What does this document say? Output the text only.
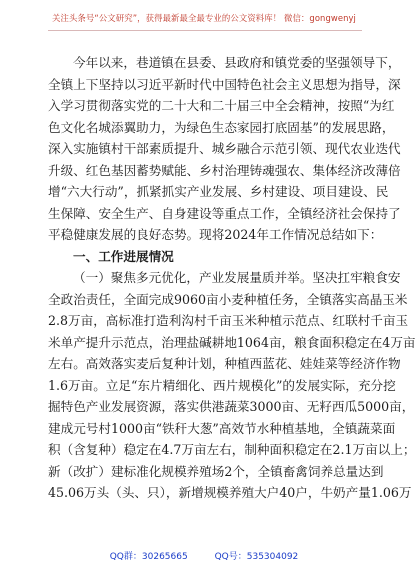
关注头条号“公文研究”，获得最新最全最专业的公文资料库！ 微信：gongwenyj
今年以来，巷道镇在县委、县政府和镇党委的坚强领导下，
全镇上下坚持以习近平新时代中国特色社会主义思想为指导，深
入学习贯彻落实党的二十大和二十届三中全会精神，按照“为红
色文化名城添翼助力，为绿色生态家园打底固基”的发展思路，
深入实施镇村干部素质提升、城乡融合示范引领、现代农业迭代
升级、红色基因蓄势赋能、乡村治理铸魂强农、集体经济改薄倍
增“六大行动”，抓紧抓实产业发展、乡村建设、项目建设、民
生保障、安全生产、自身建设等重点工作，全镇经济社会保持了
平稳健康发展的良好态势。现将2024年工作情况总结如下：
一、工作进展情况
（一）聚焦多元优化，产业发展量质并举。坚决扛牢粮食安
全政治责任，全面完成9060亩小麦种植任务，全镇落实高晶玉米
2.8万亩，高标准打造利沟村千亩玉米种植示范点、红联村千亩玉
米单产提升示范点，治理盐碱耕地1064亩，粮食面积稳定在4万亩
左右。高效落实麦后复种计划，种植西蓝花、娃娃菜等经济作物
1.6万亩。立足“东片精细化、西片规模化”的发展实际，充分挖
掘特色产业发展资源，落实供港蔬菜3000亩、无籽西瓜5000亩，
建成元号村1000亩“铁秆大葱”高效节水种植基地，全镇蔬菜面
积（含复种）稳定在4.7万亩左右，制种面积稳定在2.1万亩以上；
新（改扩）建标准化规模养殖场2个，全镇畜禽饲养总量达到
45.06万头（头、只），新增规模养殖大户40户，牛奶产量1.06万
QQ群：30265665	QQ号：535304092
